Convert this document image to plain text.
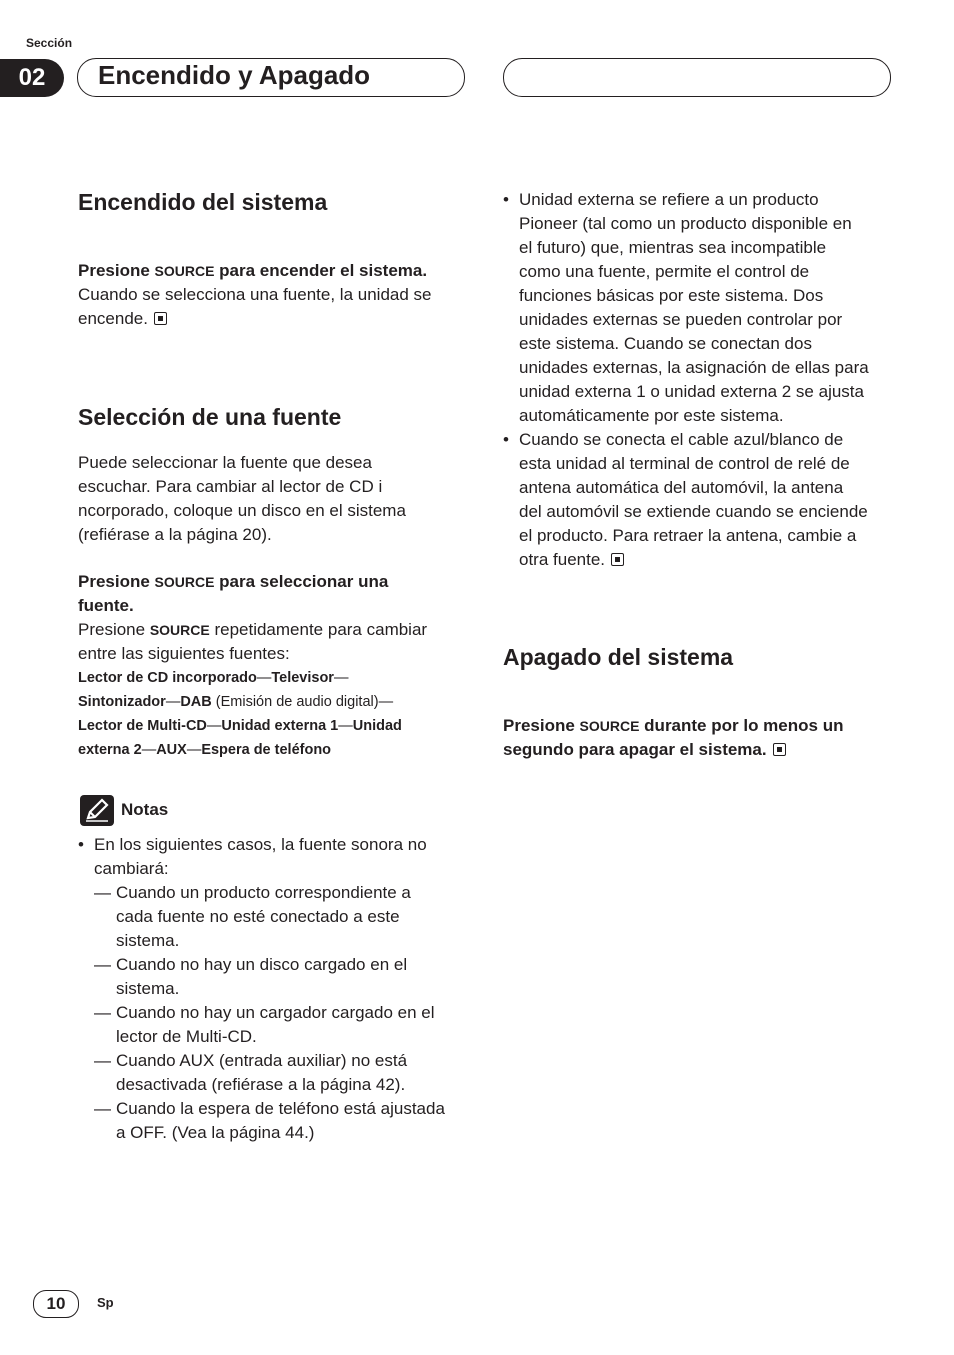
Sección
02	Encendido y Apagado
Encendido del sistema
Presione SOURCE para encender el sistema.
Cuando se selecciona una fuente, la unidad se
encende.
Selección de una fuente
Puede seleccionar la fuente que desea
escuchar. Para cambiar al lector de CD i
ncorporado, coloque un disco en el sistema
(refiérase a la página 20).
Presione SOURCE para seleccionar una
fuente.
Presione SOURCE repetidamente para cambiar
entre las siguientes fuentes:
Lector de CD incorporado—Televisor—
Sintonizador—DAB (Emisión de audio digital)—
Lector de Multi-CD—Unidad externa 1—Unidad
externa 2—AUX—Espera de teléfono
Notas
• En los siguientes casos, la fuente sonora no
cambiará:
— Cuando un producto correspondiente a
cada fuente no esté conectado a este
sistema.
— Cuando no hay un disco cargado en el
sistema.
— Cuando no hay un cargador cargado en el
lector de Multi-CD.
— Cuando AUX (entrada auxiliar) no está
desactivada (refiérase a la página 42).
— Cuando la espera de teléfono está ajustada
a OFF. (Vea la página 44.)
• Unidad externa se refiere a un producto
Pioneer (tal como un producto disponible en
el futuro) que, mientras sea incompatible
como una fuente, permite el control de
funciones básicas por este sistema. Dos
unidades externas se pueden controlar por
este sistema. Cuando se conectan dos
unidades externas, la asignación de ellas para
unidad externa 1 o unidad externa 2 se ajusta
automáticamente por este sistema.
• Cuando se conecta el cable azul/blanco de
esta unidad al terminal de control de relé de
antena automática del automóvil, la antena
del automóvil se extiende cuando se enciende
el producto. Para retraer la antena, cambie a
otra fuente.
Apagado del sistema
Presione SOURCE durante por lo menos un
segundo para apagar el sistema.
10	Sp
